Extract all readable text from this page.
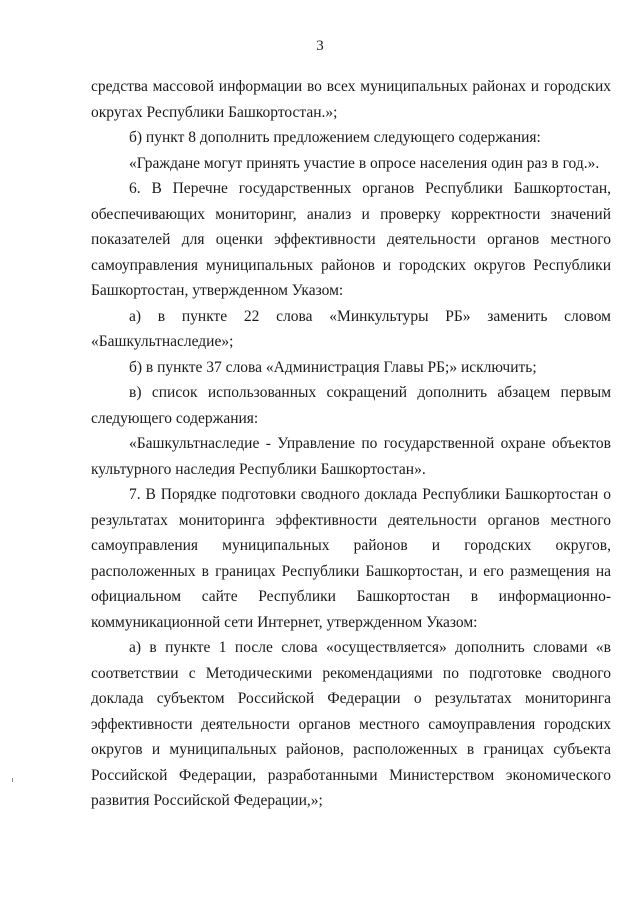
3

средства массовой информации во всех муниципальных районах и городских округах Республики Башкортостан.»;

б) пункт 8 дополнить предложением следующего содержания:

«Граждане могут принять участие в опросе населения один раз в год.».

6. В Перечне государственных органов Республики Башкортостан, обеспечивающих мониторинг, анализ и проверку корректности значений показателей для оценки эффективности деятельности органов местного самоуправления муниципальных районов и городских округов Республики Башкортостан, утвержденном Указом:

а) в пункте 22 слова «Минкультуры РБ» заменить словом «Башкультнаследие»;

б) в пункте 37 слова «Администрация Главы РБ;» исключить;

в) список использованных сокращений дополнить абзацем первым следующего содержания:

«Башкультнаследие - Управление по государственной охране объектов культурного наследия Республики Башкортостан».

7. В Порядке подготовки сводного доклада Республики Башкортостан о результатах мониторинга эффективности деятельности органов местного самоуправления муниципальных районов и городских округов, расположенных в границах Республики Башкортостан, и его размещения на официальном сайте Республики Башкортостан в информационно-коммуникационной сети Интернет, утвержденном Указом:

а) в пункте 1 после слова «осуществляется» дополнить словами «в соответствии с Методическими рекомендациями по подготовке сводного доклада субъектом Российской Федерации о результатах мониторинга эффективности деятельности органов местного самоуправления городских округов и муниципальных районов, расположенных в границах субъекта Российской Федерации, разработанными Министерством экономического развития Российской Федерации,»;
